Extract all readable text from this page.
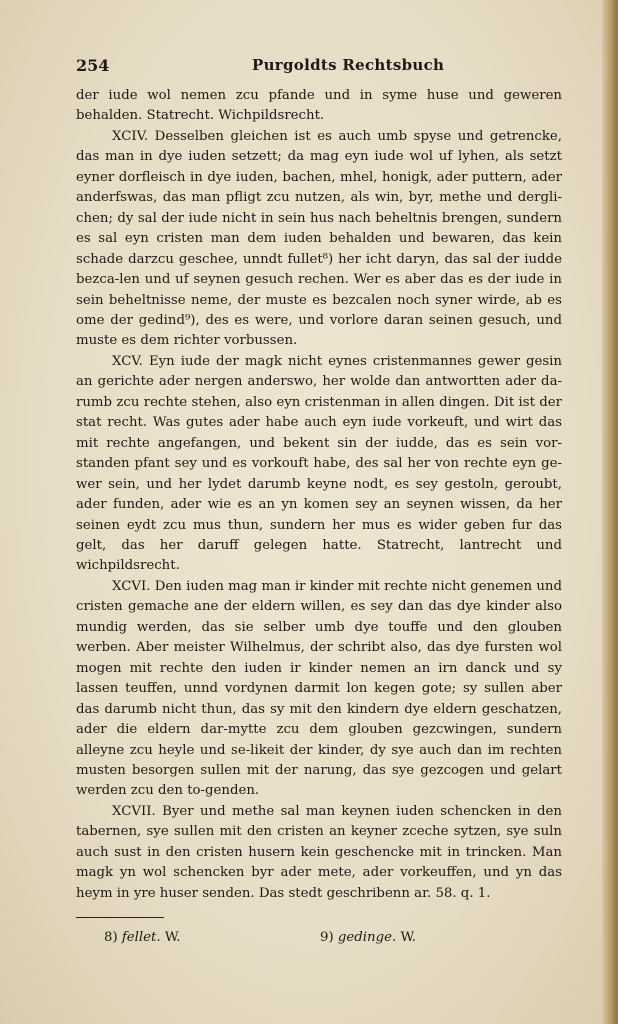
254	Purgoldts Rechtsbuch

der iude wol nemen zcu pfande und in syme huse und geweren behalden. Statrecht. Wichpildsrecht.

XCIV. Desselben gleichen ist es auch umb spyse und getrencke, das man in dye iuden setzett; da mag eyn iude wol uf lyhen, als setzt eyner dorfleisch in dye iuden, bachen, mhel, honigk, ader puttern, ader anderfswas, das man pfligt zcu nutzen, als win, byr, methe und dergli-chen; dy sal der iude nicht in sein hus nach beheltnis brengen, sundern es sal eyn cristen man dem iuden behalden und bewaren, das kein schade darzcu geschee, unndt fullet⁸) her icht daryn, das sal der iudde bezca-len und uf seynen gesuch rechen. Wer es aber das es der iude in sein beheltnisse neme, der muste es bezcalen noch syner wirde, ab es ome der gedind⁹), des es were, und vorlore daran seinen gesuch, und muste es dem richter vorbussen.

XCV. Eyn iude der magk nicht eynes cristenmannes gewer gesin an gerichte ader nergen anderswo, her wolde dan antwortten ader da-rumb zcu rechte stehen, also eyn cristenman in allen dingen. Dit ist der stat recht. Was gutes ader habe auch eyn iude vorkeuft, und wirt das mit rechte angefangen, und bekent sin der iudde, das es sein vor-standen pfant sey und es vorkouft habe, des sal her von rechte eyn ge-wer sein, und her lydet darumb keyne nodt, es sey gestoln, geroubt, ader funden, ader wie es an yn komen sey an seynen wissen, da her seinen eydt zcu mus thun, sundern her mus es wider geben fur das gelt, das her daruff gelegen hatte. Statrecht, lantrecht und wichpildsrecht.

XCVI. Den iuden mag man ir kinder mit rechte nicht genemen und cristen gemache ane der eldern willen, es sey dan das dye kinder also mundig werden, das sie selber umb dye touffe und den glouben werben. Aber meister Wilhelmus, der schribt also, das dye fursten wol mogen mit rechte den iuden ir kinder nemen an irn danck und sy lassen teuffen, unnd vordynen darmit lon kegen gote; sy sullen aber das darumb nicht thun, das sy mit den kindern dye eldern geschatzen, ader die eldern dar-mytte zcu dem glouben gezcwingen, sundern alleyne zcu heyle und se-likeit der kinder, dy sye auch dan im rechten musten besorgen sullen mit der narung, das sye gezcogen und gelart werden zcu den to-genden.

XCVII. Byer und methe sal man keynen iuden schencken in den tabernen, sye sullen mit den cristen an keyner zceche sytzen, sye suln auch sust in den cristen husern kein geschencke mit in trincken. Man magk yn wol schencken byr ader mete, ader vorkeuffen, und yn das heym in yre huser senden. Das stedt geschribenn ar. 58. q. 1.

8) fellet. W.	9) gedinge. W.
